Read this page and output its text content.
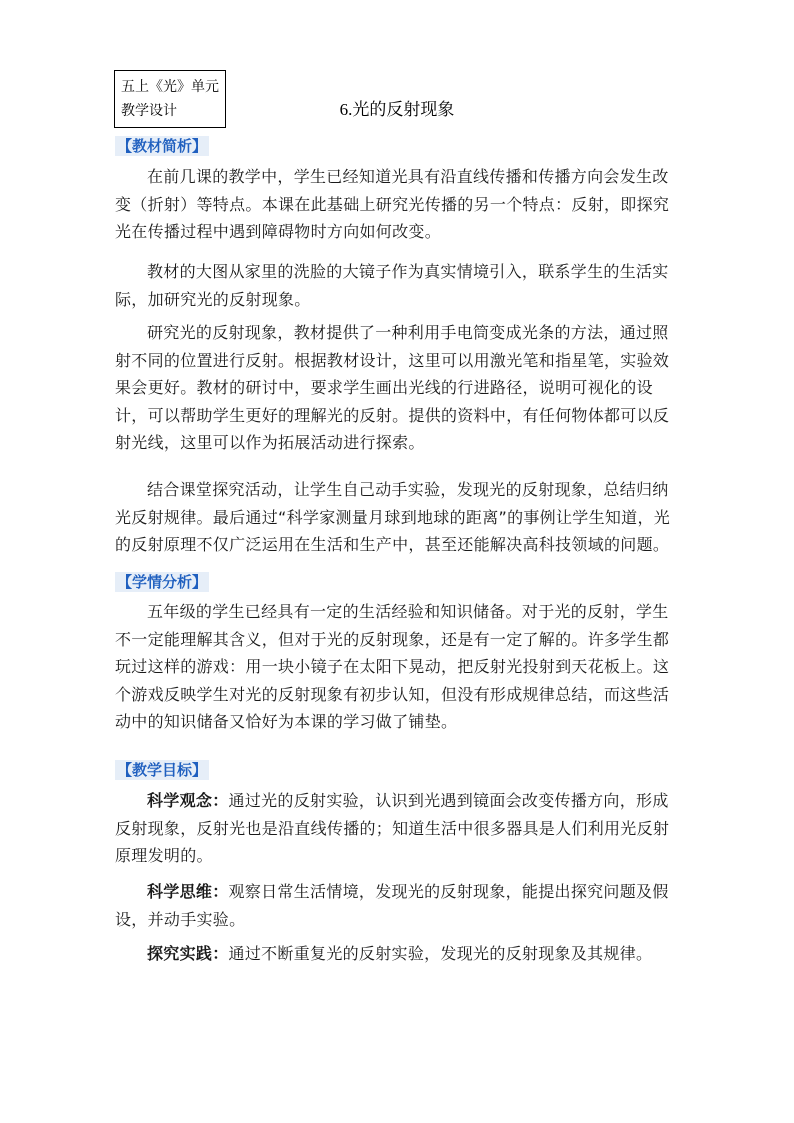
五上《光》单元教学设计	6.光的反射现象
【教材简析】

在前几课的教学中，学生已经知道光具有沿直线传播和传播方向会发生改变（折射）等特点。本课在此基础上研究光传播的另一个特点：反射，即探究光在传播过程中遇到障碍物时方向如何改变。

教材的大图从家里的洗脸的大镜子作为真实情境引入，联系学生的生活实际，加研究光的反射现象。

研究光的反射现象，教材提供了一种利用手电筒变成光条的方法，通过照射不同的位置进行反射。根据教材设计，这里可以用激光笔和指星笔，实验效果会更好。教材的研讨中，要求学生画出光线的行进路径，说明可视化的设计，可以帮助学生更好的理解光的反射。提供的资料中，有任何物体都可以反射光线，这里可以作为拓展活动进行探索。

结合课堂探究活动，让学生自己动手实验，发现光的反射现象，总结归纳光反射规律。最后通过“科学家测量月球到地球的距离”的事例让学生知道，光的反射原理不仅广泛运用在生活和生产中，甚至还能解决高科技领域的问题。

【学情分析】

五年级的学生已经具有一定的生活经验和知识储备。对于光的反射，学生不一定能理解其含义，但对于光的反射现象，还是有一定了解的。许多学生都玩过这样的游戏：用一块小镜子在太阳下晃动，把反射光投射到天花板上。这个游戏反映学生对光的反射现象有初步认知，但没有形成规律总结，而这些活动中的知识储备又恰好为本课的学习做了铺垫。

【教学目标】

科学观念：通过光的反射实验，认识到光遇到镜面会改变传播方向，形成反射现象，反射光也是沿直线传播的；知道生活中很多器具是人们利用光反射原理发明的。

科学思维：观察日常生活情境，发现光的反射现象，能提出探究问题及假设，并动手实验。

探究实践：通过不断重复光的反射实验，发现光的反射现象及其规律。
